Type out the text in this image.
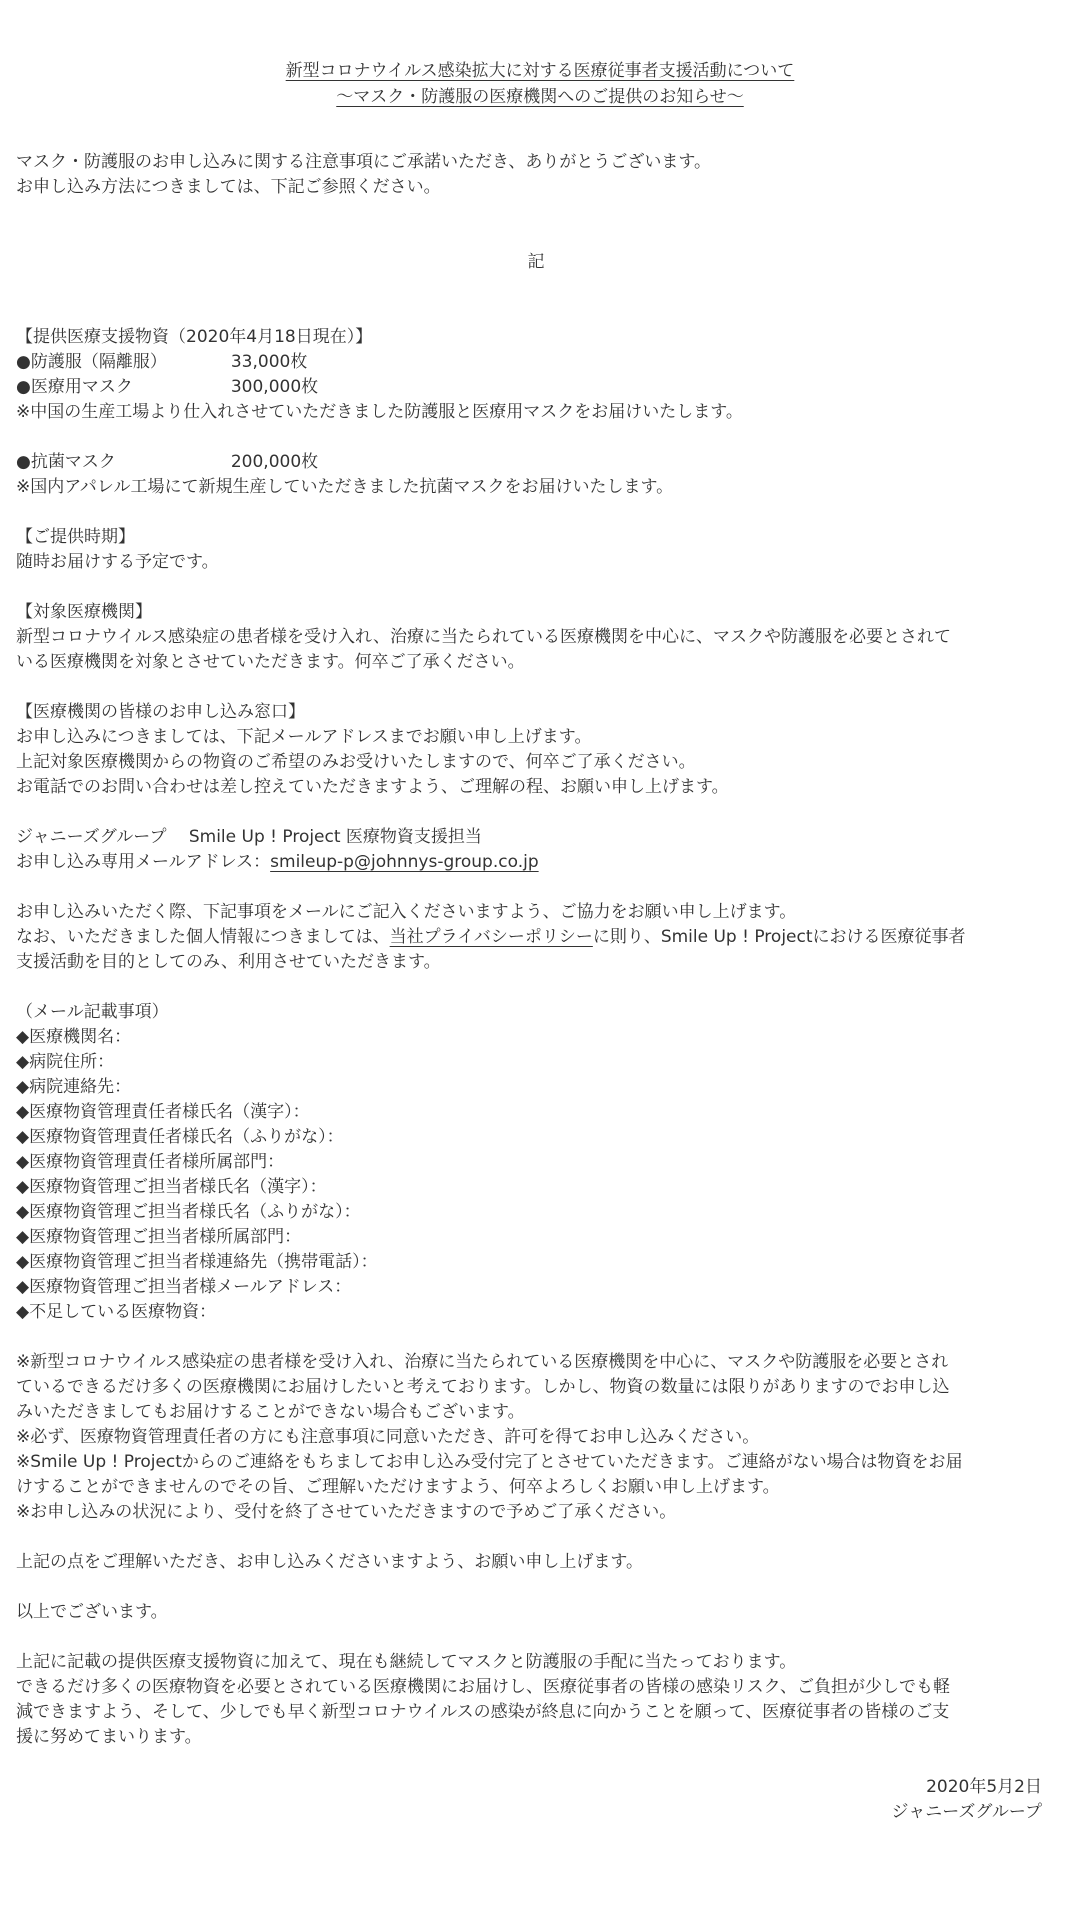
新型コロナウイルス感染拡大に対する医療従事者支援活動について
～マスク・防護服の医療機関へのご提供のお知らせ～

マスク・防護服のお申し込みに関する注意事項にご承諾いただき、ありがとうございます。

お申し込み方法につきましては、下記ご参照ください。

記

【提供医療支援物資（2020年4月18日現在）】

●防護服（隔離服）	33,000枚

●医療用マスク	300,000枚

※中国の生産工場より仕入れさせていただきました防護服と医療用マスクをお届けいたします。

●抗菌マスク	200,000枚

※国内アパレル工場にて新規生産していただきました抗菌マスクをお届けいたします。

【ご提供時期】

随時お届けする予定です。

【対象医療機関】

新型コロナウイルス感染症の患者様を受け入れ、治療に当たられている医療機関を中心に、マスクや防護服を必要とされて

いる医療機関を対象とさせていただきます。何卒ご了承ください。

【医療機関の皆様のお申し込み窓口】

お申し込みにつきましては、下記メールアドレスまでお願い申し上げます。

上記対象医療機関からの物資のご希望のみお受けいたしますので、何卒ご了承ください。

お電話でのお問い合わせは差し控えていただきますよう、ご理解の程、お願い申し上げます。

ジャニーズグループ　 Smile Up ! Project 医療物資支援担当

お申し込み専用メールアドレス：smileup-p@johnnys-group.co.jp

お申し込みいただく際、下記事項をメールにご記入くださいますよう、ご協力をお願い申し上げます。

なお、いただきました個人情報につきましては、当社プライバシーポリシーに則り、Smile Up ! Projectにおける医療従事者

支援活動を目的としてのみ、利用させていただきます。

（メール記載事項）

◆医療機関名：

◆病院住所：

◆病院連絡先：

◆医療物資管理責任者様氏名（漢字）：

◆医療物資管理責任者様氏名（ふりがな）：

◆医療物資管理責任者様所属部門：

◆医療物資管理ご担当者様氏名（漢字）：

◆医療物資管理ご担当者様氏名（ふりがな）：

◆医療物資管理ご担当者様所属部門：

◆医療物資管理ご担当者様連絡先（携帯電話）：

◆医療物資管理ご担当者様メールアドレス：

◆不足している医療物資：

※新型コロナウイルス感染症の患者様を受け入れ、治療に当たられている医療機関を中心に、マスクや防護服を必要とされ

ているできるだけ多くの医療機関にお届けしたいと考えております。しかし、物資の数量には限りがありますのでお申し込

みいただきましてもお届けすることができない場合もございます。

※必ず、医療物資管理責任者の方にも注意事項に同意いただき、許可を得てお申し込みください。

※Smile Up ! Projectからのご連絡をもちましてお申し込み受付完了とさせていただきます。ご連絡がない場合は物資をお届

けすることができませんのでその旨、ご理解いただけますよう、何卒よろしくお願い申し上げます。

※お申し込みの状況により、受付を終了させていただきますので予めご了承ください。

上記の点をご理解いただき、お申し込みくださいますよう、お願い申し上げます。

以上でございます。

上記に記載の提供医療支援物資に加えて、現在も継続してマスクと防護服の手配に当たっております。

できるだけ多くの医療物資を必要とされている医療機関にお届けし、医療従事者の皆様の感染リスク、ご負担が少しでも軽

減できますよう、そして、少しでも早く新型コロナウイルスの感染が終息に向かうことを願って、医療従事者の皆様のご支

援に努めてまいります。

2020年5月2日

ジャニーズグループ
